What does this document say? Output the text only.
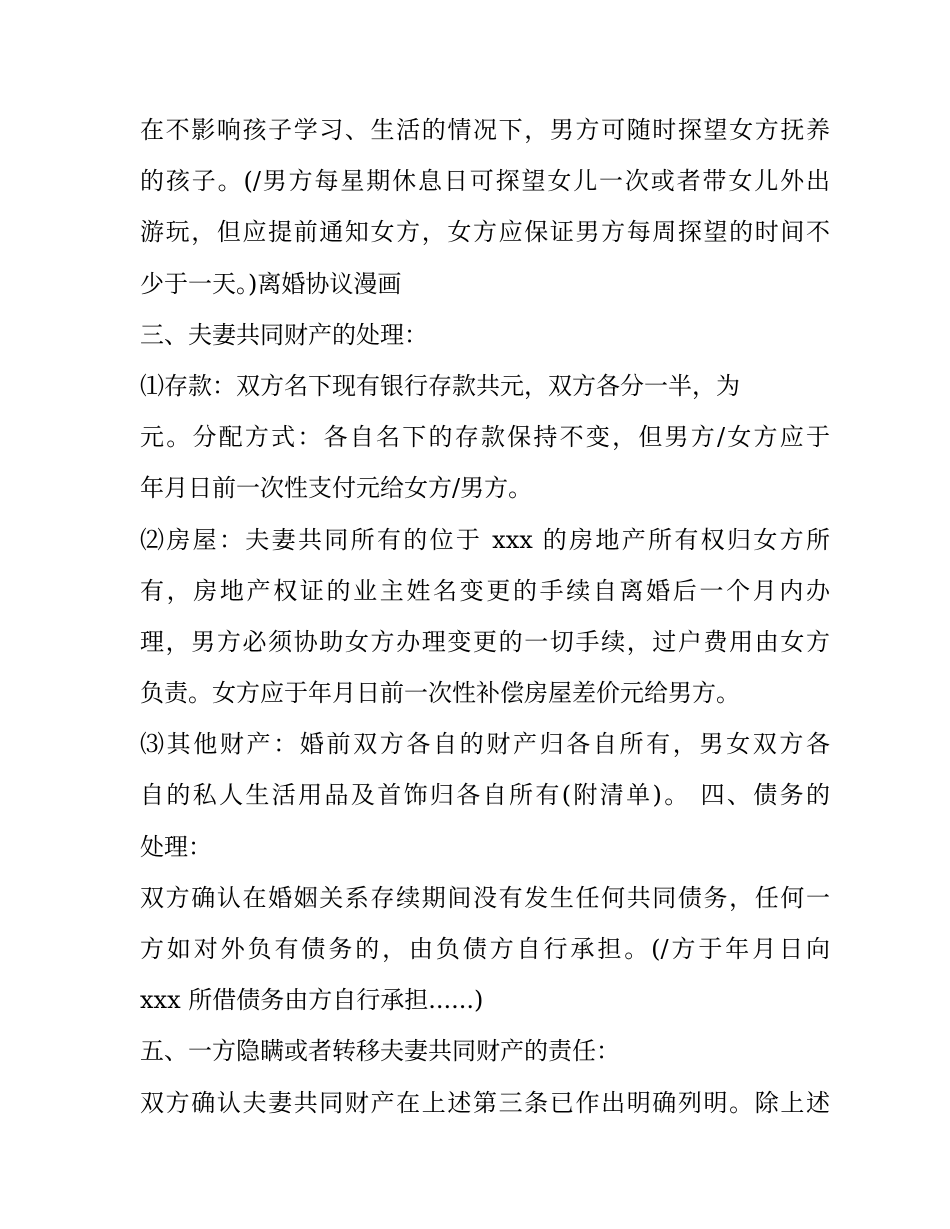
在不影响孩子学习、生活的情况下，男方可随时探望女方抚养
的孩子。(/男方每星期休息日可探望女儿一次或者带女儿外出
游玩，但应提前通知女方，女方应保证男方每周探望的时间不
少于一天。)离婚协议漫画
三、夫妻共同财产的处理：
⑴存款：双方名下现有银行存款共元，双方各分一半，为
元。分配方式：各自名下的存款保持不变，但男方/女方应于
年月日前一次性支付元给女方/男方。
⑵房屋：夫妻共同所有的位于 xxx 的房地产所有权归女方所
有，房地产权证的业主姓名变更的手续自离婚后一个月内办
理，男方必须协助女方办理变更的一切手续，过户费用由女方
负责。女方应于年月日前一次性补偿房屋差价元给男方。
⑶其他财产：婚前双方各自的财产归各自所有，男女双方各
自的私人生活用品及首饰归各自所有(附清单)。 四、债务的
处理：
双方确认在婚姻关系存续期间没有发生任何共同债务，任何一
方如对外负有债务的，由负债方自行承担。(/方于年月日向
xxx 所借债务由方自行承担......)
五、一方隐瞒或者转移夫妻共同财产的责任：
双方确认夫妻共同财产在上述第三条已作出明确列明。除上述
